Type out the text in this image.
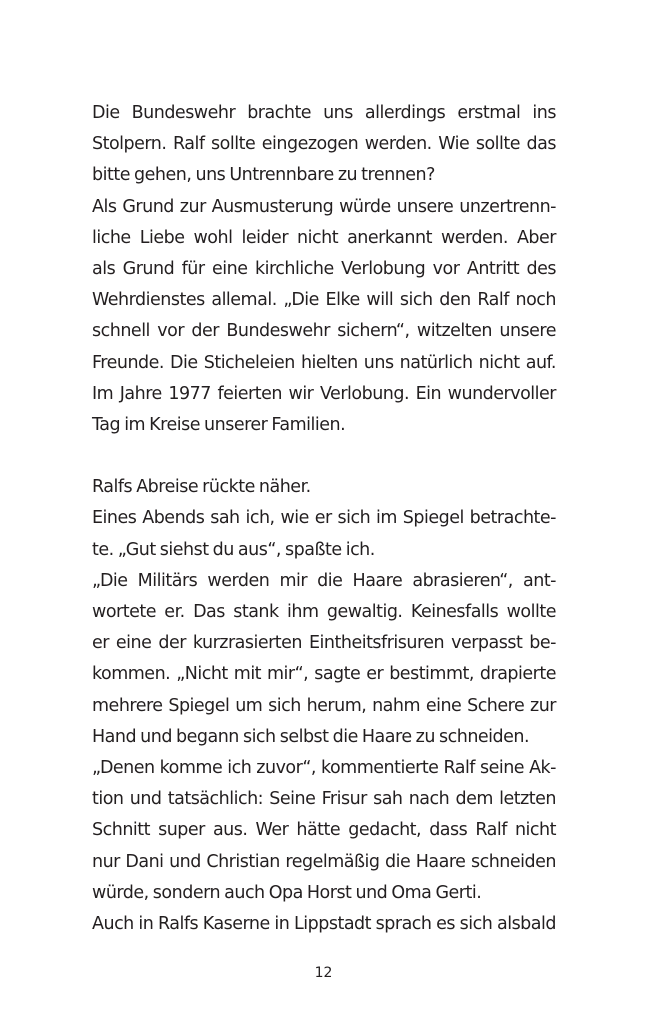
Die Bundeswehr brachte uns allerdings erstmal ins
Stolpern. Ralf sollte eingezogen werden. Wie sollte das
bitte gehen, uns Untrennbare zu trennen?
Als Grund zur Ausmusterung würde unsere unzertrenn-
liche Liebe wohl leider nicht anerkannt werden. Aber
als Grund für eine kirchliche Verlobung vor Antritt des
Wehrdienstes allemal. „Die Elke will sich den Ralf noch
schnell vor der Bundeswehr sichern“, witzelten unsere
Freunde. Die Sticheleien hielten uns natürlich nicht auf.
Im Jahre 1977 feierten wir Verlobung. Ein wundervoller
Tag im Kreise unserer Familien.
Ralfs Abreise rückte näher.
Eines Abends sah ich, wie er sich im Spiegel betrachte-
te. „Gut siehst du aus“, spaßte ich.
„Die Militärs werden mir die Haare abrasieren“, ant-
wortete er. Das stank ihm gewaltig. Keinesfalls wollte
er eine der kurzrasierten Eintheitsfrisuren verpasst be-
kommen. „Nicht mit mir“, sagte er bestimmt, drapierte
mehrere Spiegel um sich herum, nahm eine Schere zur
Hand und begann sich selbst die Haare zu schneiden.
„Denen komme ich zuvor“, kommentierte Ralf seine Ak-
tion und tatsächlich: Seine Frisur sah nach dem letzten
Schnitt super aus. Wer hätte gedacht, dass Ralf nicht
nur Dani und Christian regelmäßig die Haare schneiden
würde, sondern auch Opa Horst und Oma Gerti.
Auch in Ralfs Kaserne in Lippstadt sprach es sich alsbald
12
